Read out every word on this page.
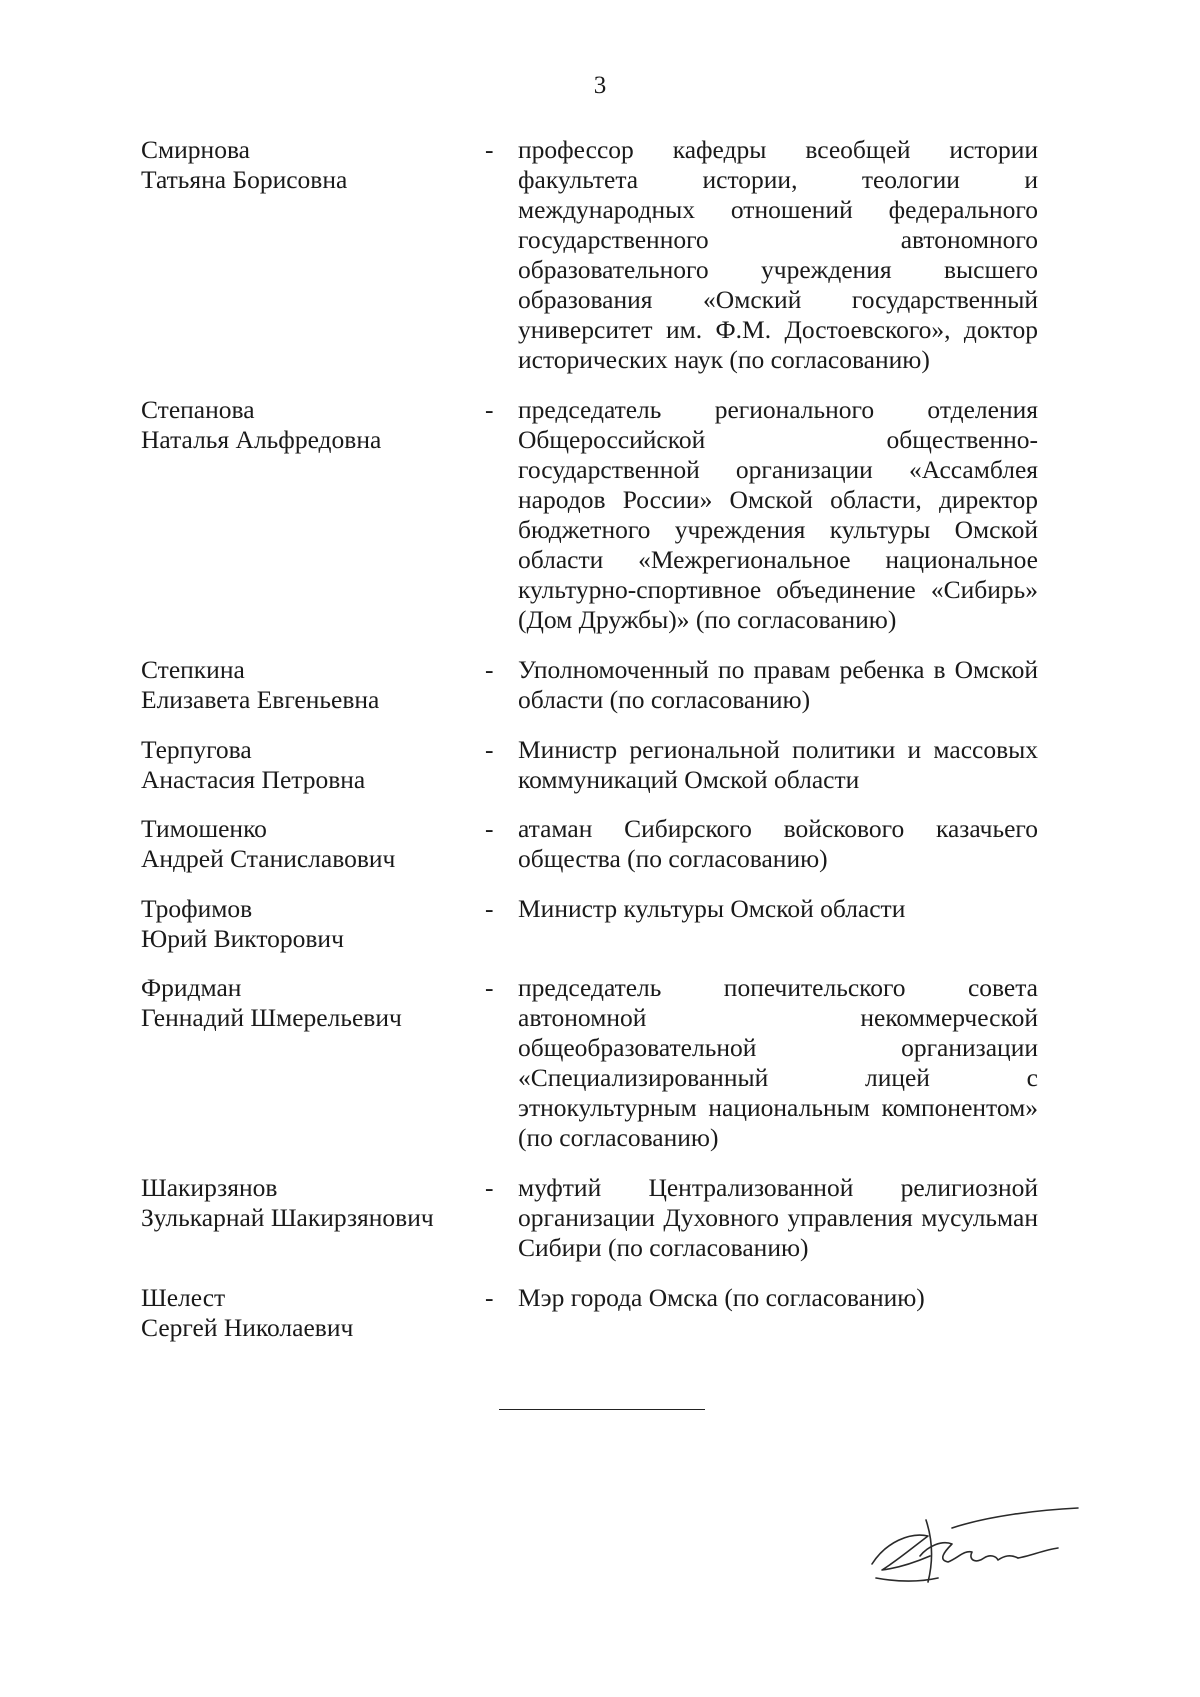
3
Смирнова
Татьяна Борисовна
- профессор кафедры всеобщей истории факультета истории, теологии и международных отношений федерального государственного автономного образовательного учреждения высшего образования «Омский государственный университет им. Ф.М. Достоевского», доктор исторических наук (по согласованию)
Степанова
Наталья Альфредовна
- председатель регионального отделения Общероссийской общественно-государственной организации «Ассамблея народов России» Омской области, директор бюджетного учреждения культуры Омской области «Межрегиональное национальное культурно-спортивное объединение «Сибирь» (Дом Дружбы)» (по согласованию)
Степкина
Елизавета Евгеньевна
- Уполномоченный по правам ребенка в Омской области (по согласованию)
Терпугова
Анастасия Петровна
- Министр региональной политики и массовых коммуникаций Омской области
Тимошенко
Андрей Станиславович
- атаман Сибирского войскового казачьего общества (по согласованию)
Трофимов
Юрий Викторович
- Министр культуры Омской области
Фридман
Геннадий Шмерельевич
- председатель попечительского совета автономной некоммерческой общеобразовательной организации «Специализированный лицей с этнокультурным национальным компонентом» (по согласованию)
Шакирзянов
Зулькарнай Шакирзянович
- муфтий Централизованной религиозной организации Духовного управления мусульман Сибири (по согласованию)
Шелест
Сергей Николаевич
- Мэр города Омска (по согласованию)
